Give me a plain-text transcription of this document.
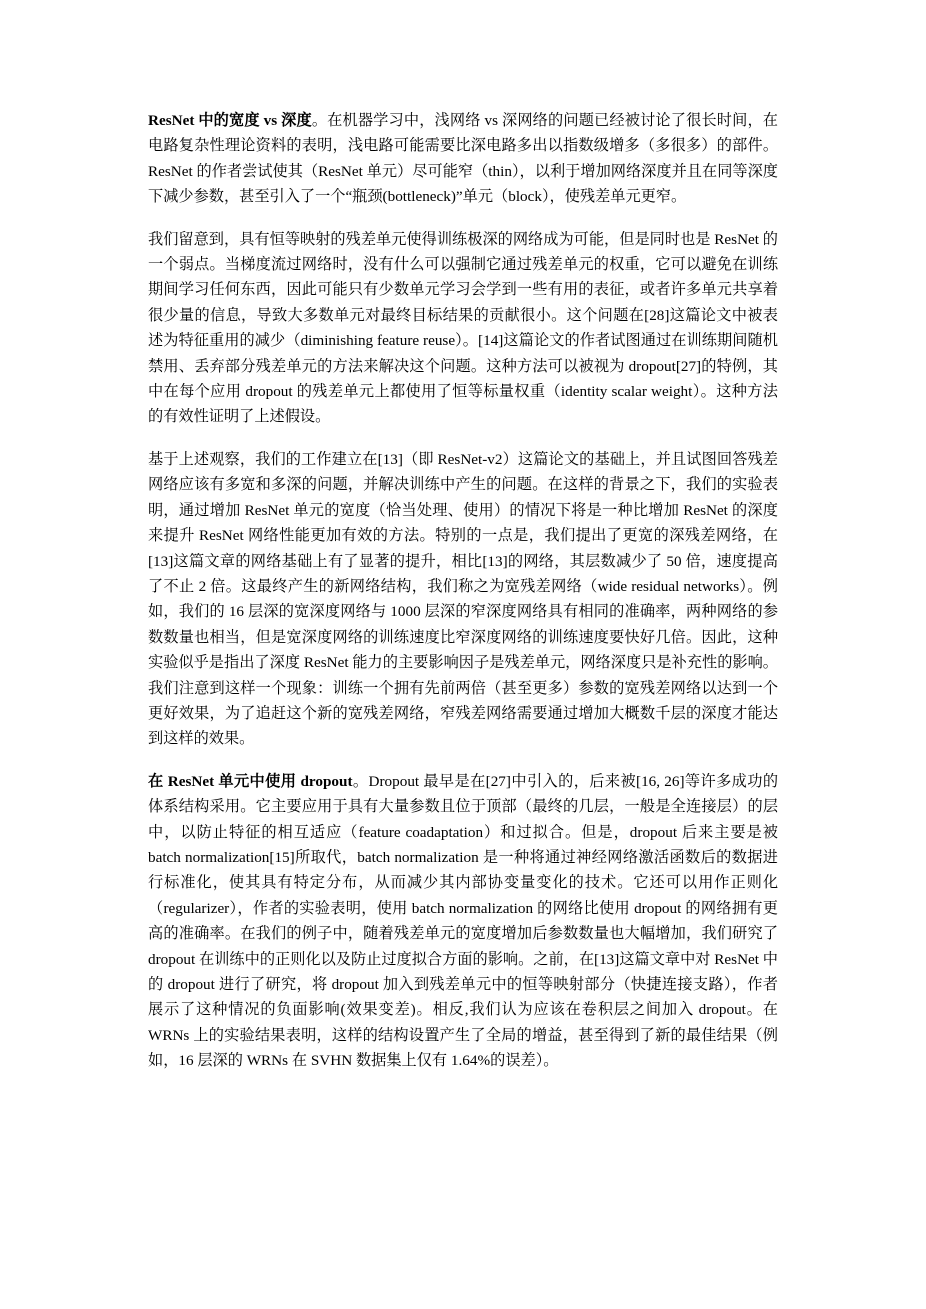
ResNet 中的宽度 vs 深度。在机器学习中，浅网络 vs 深网络的问题已经被讨论了很长时间，在电路复杂性理论资料的表明，浅电路可能需要比深电路多出以指数级增多（多很多）的部件。ResNet 的作者尝试使其（ResNet 单元）尽可能窄（thin），以利于增加网络深度并且在同等深度下减少参数，甚至引入了一个“瓶颈(bottleneck)”单元（block），使残差单元更窄。

我们留意到，具有恒等映射的残差单元使得训练极深的网络成为可能，但是同时也是 ResNet 的一个弱点。当梯度流过网络时，没有什么可以强制它通过残差单元的权重，它可以避免在训练期间学习任何东西，因此可能只有少数单元学习会学到一些有用的表征，或者许多单元共享着很少量的信息，导致大多数单元对最终目标结果的贡献很小。这个问题在[28]这篇论文中被表述为特征重用的减少（diminishing feature reuse）。[14]这篇论文的作者试图通过在训练期间随机禁用、丢弃部分残差单元的方法来解决这个问题。这种方法可以被视为 dropout[27]的特例，其中在每个应用 dropout 的残差单元上都使用了恒等标量权重（identity scalar weight）。这种方法的有效性证明了上述假设。

基于上述观察，我们的工作建立在[13]（即 ResNet-v2）这篇论文的基础上，并且试图回答残差网络应该有多宽和多深的问题，并解决训练中产生的问题。在这样的背景之下，我们的实验表明，通过增加 ResNet 单元的宽度（恰当处理、使用）的情况下将是一种比增加 ResNet 的深度来提升 ResNet 网络性能更加有效的方法。特别的一点是，我们提出了更宽的深残差网络，在[13]这篇文章的网络基础上有了显著的提升，相比[13]的网络，其层数减少了 50 倍，速度提高了不止 2 倍。这最终产生的新网络结构，我们称之为宽残差网络（wide residual networks）。例如，我们的 16 层深的宽深度网络与 1000 层深的窄深度网络具有相同的准确率，两种网络的参数数量也相当，但是宽深度网络的训练速度比窄深度网络的训练速度要快好几倍。因此，这种实验似乎是指出了深度 ResNet 能力的主要影响因子是残差单元，网络深度只是补充性的影响。我们注意到这样一个现象：训练一个拥有先前两倍（甚至更多）参数的宽残差网络以达到一个更好效果，为了追赶这个新的宽残差网络，窄残差网络需要通过增加大概数千层的深度才能达到这样的效果。

在 ResNet 单元中使用 dropout。Dropout 最早是在[27]中引入的，后来被[16, 26]等许多成功的体系结构采用。它主要应用于具有大量参数且位于顶部（最终的几层，一般是全连接层）的层中，以防止特征的相互适应（feature coadaptation）和过拟合。但是，dropout 后来主要是被 batch normalization[15]所取代，batch normalization 是一种将通过神经网络激活函数后的数据进行标准化，使其具有特定分布，从而减少其内部协变量变化的技术。它还可以用作正则化（regularizer），作者的实验表明，使用 batch normalization 的网络比使用 dropout 的网络拥有更高的准确率。在我们的例子中，随着残差单元的宽度增加后参数数量也大幅增加，我们研究了 dropout 在训练中的正则化以及防止过度拟合方面的影响。之前，在[13]这篇文章中对 ResNet 中的 dropout 进行了研究，将 dropout 加入到残差单元中的恒等映射部分（快捷连接支路），作者展示了这种情况的负面影响(效果变差)。相反,我们认为应该在卷积层之间加入 dropout。在 WRNs 上的实验结果表明，这样的结构设置产生了全局的增益，甚至得到了新的最佳结果（例如，16 层深的 WRNs 在 SVHN 数据集上仅有 1.64%的误差）。
